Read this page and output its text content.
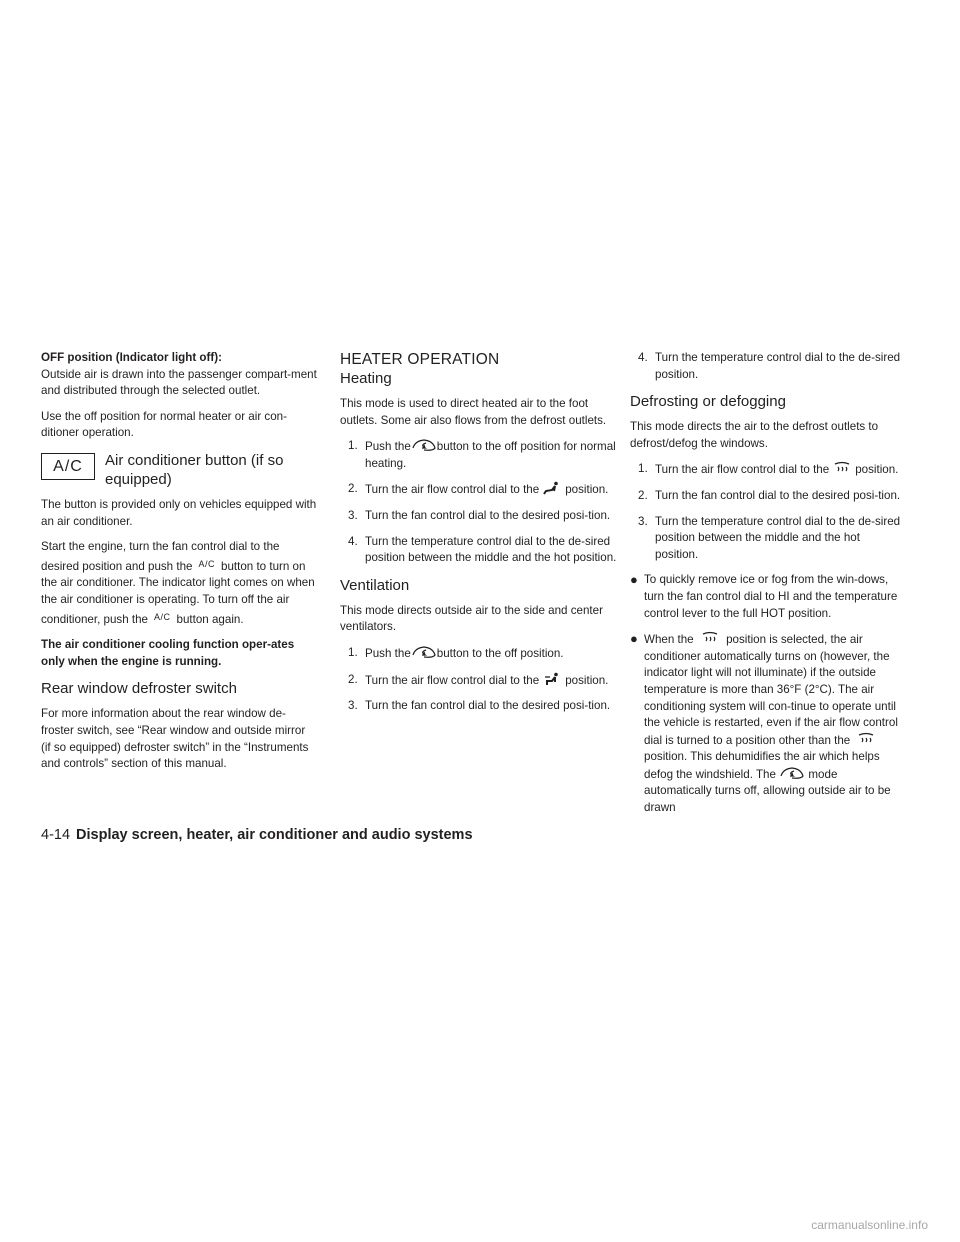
OFF position (Indicator light off):

Outside air is drawn into the passenger compart-ment and distributed through the selected outlet.

Use the off position for normal heater or air con-ditioner operation.

A/C	Air conditioner button (if so equipped)

The button is provided only on vehicles equipped with an air conditioner.

Start the engine, turn the fan control dial to the desired position and push the A/C button to turn on the air conditioner. The indicator light comes on when the air conditioner is operating. To turn off the air conditioner, push the A/C button again.

The air conditioner cooling function oper-ates only when the engine is running.

Rear window defroster switch

For more information about the rear window de-froster switch, see “Rear window and outside mirror (if so equipped) defroster switch” in the “Instruments and controls” section of this manual.

HEATER OPERATION
Heating

This mode is used to direct heated air to the foot outlets. Some air also flows from the defrost outlets.

1. Push the button to the off position for normal heating.
2. Turn the air flow control dial to the position.
3. Turn the fan control dial to the desired posi-tion.
4. Turn the temperature control dial to the de-sired position between the middle and the hot position.
Ventilation

This mode directs outside air to the side and center ventilators.

1. Push the button to the off position.
2. Turn the air flow control dial to the position.
3. Turn the fan control dial to the desired posi-tion.
4. Turn the temperature control dial to the de-sired position.
Defrosting or defogging

This mode directs the air to the defrost outlets to defrost/defog the windows.

1. Turn the air flow control dial to the position.
2. Turn the fan control dial to the desired posi-tion.
3. Turn the temperature control dial to the de-sired position between the middle and the hot position.
● To quickly remove ice or fog from the win-dows, turn the fan control dial to HI and the temperature control lever to the full HOT position.
● When the	position is selected, the air conditioner automatically turns on (however, the indicator light will not illuminate) if the outside temperature is more than 36°F (2°C). The air conditioning system will con-tinue to operate until the vehicle is restarted, even if the air flow control dial is turned to a position other than the
position. This dehumidifies the air which helps defog the windshield. The	mode automatically turns off, allowing outside air to be drawn
4-14 Display screen, heater, air conditioner and audio systems
carmanualsonline.info
